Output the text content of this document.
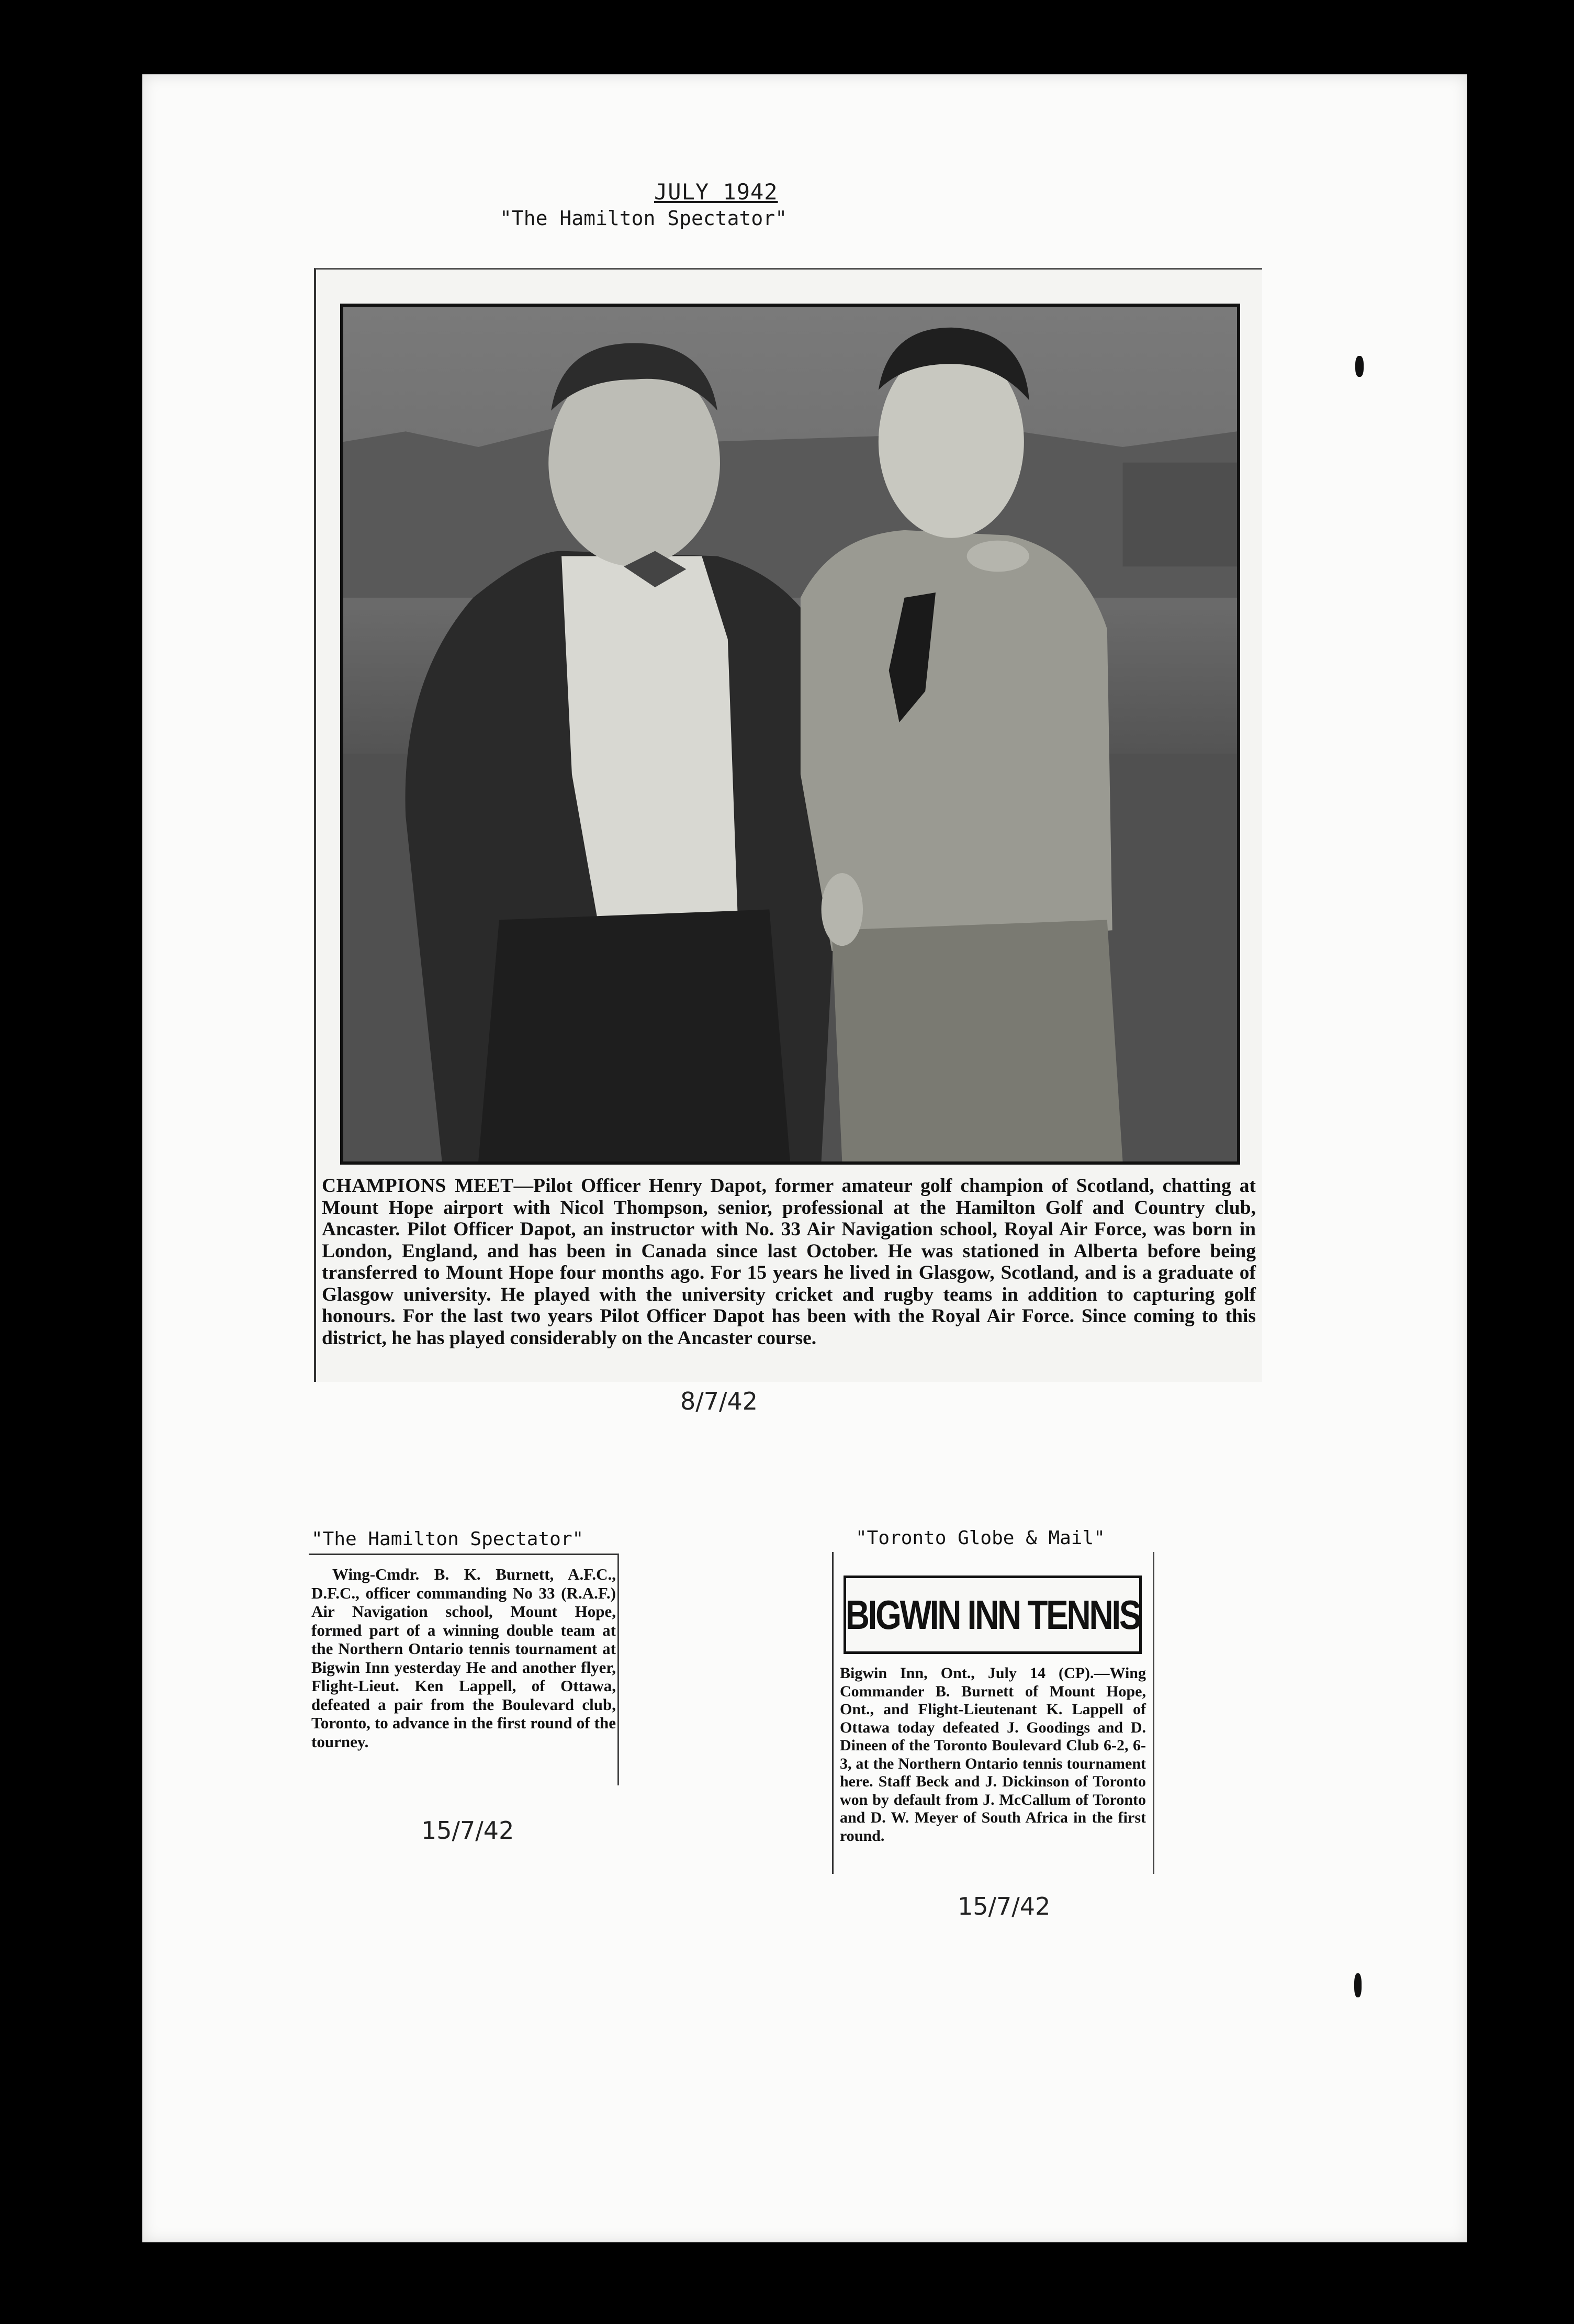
JULY 1942
"The Hamilton Spectator"
CHAMPIONS MEET—Pilot Officer Henry Dapot, former amateur golf champion of Scotland, chatting at Mount Hope airport with Nicol Thompson, senior, professional at the Hamilton Golf and Country club, Ancaster. Pilot Officer Dapot, an instructor with No. 33 Air Navigation school, Royal Air Force, was born in London, England, and has been in Canada since last October. He was stationed in Alberta before being transferred to Mount Hope four months ago. For 15 years he lived in Glasgow, Scotland, and is a graduate of Glasgow university. He played with the university cricket and rugby teams in addition to capturing golf honours. For the last two years Pilot Officer Dapot has been with the Royal Air Force. Since coming to this district, he has played considerably on the Ancaster course.
8/7/42
"The Hamilton Spectator"
Wing-Cmdr. B. K. Burnett, A.F.C., D.F.C., officer commanding No 33 (R.A.F.) Air Navigation school, Mount Hope, formed part of a winning double team at the Northern Ontario tennis tournament at Bigwin Inn yesterday He and another flyer, Flight-Lieut. Ken Lappell, of Ottawa, defeated a pair from the Boulevard club, Toronto, to advance in the first round of the tourney.
15/7/42
"Toronto Globe & Mail"
BIGWIN INN TENNIS
Bigwin Inn, Ont., July 14 (CP).—Wing Commander B. Burnett of Mount Hope, Ont., and Flight-Lieutenant K. Lappell of Ottawa today defeated J. Goodings and D. Dineen of the Toronto Boulevard Club 6-2, 6-3, at the Northern Ontario tennis tournament here. Staff Beck and J. Dickinson of Toronto won by default from J. McCallum of Toronto and D. W. Meyer of South Africa in the first round.
15/7/42
